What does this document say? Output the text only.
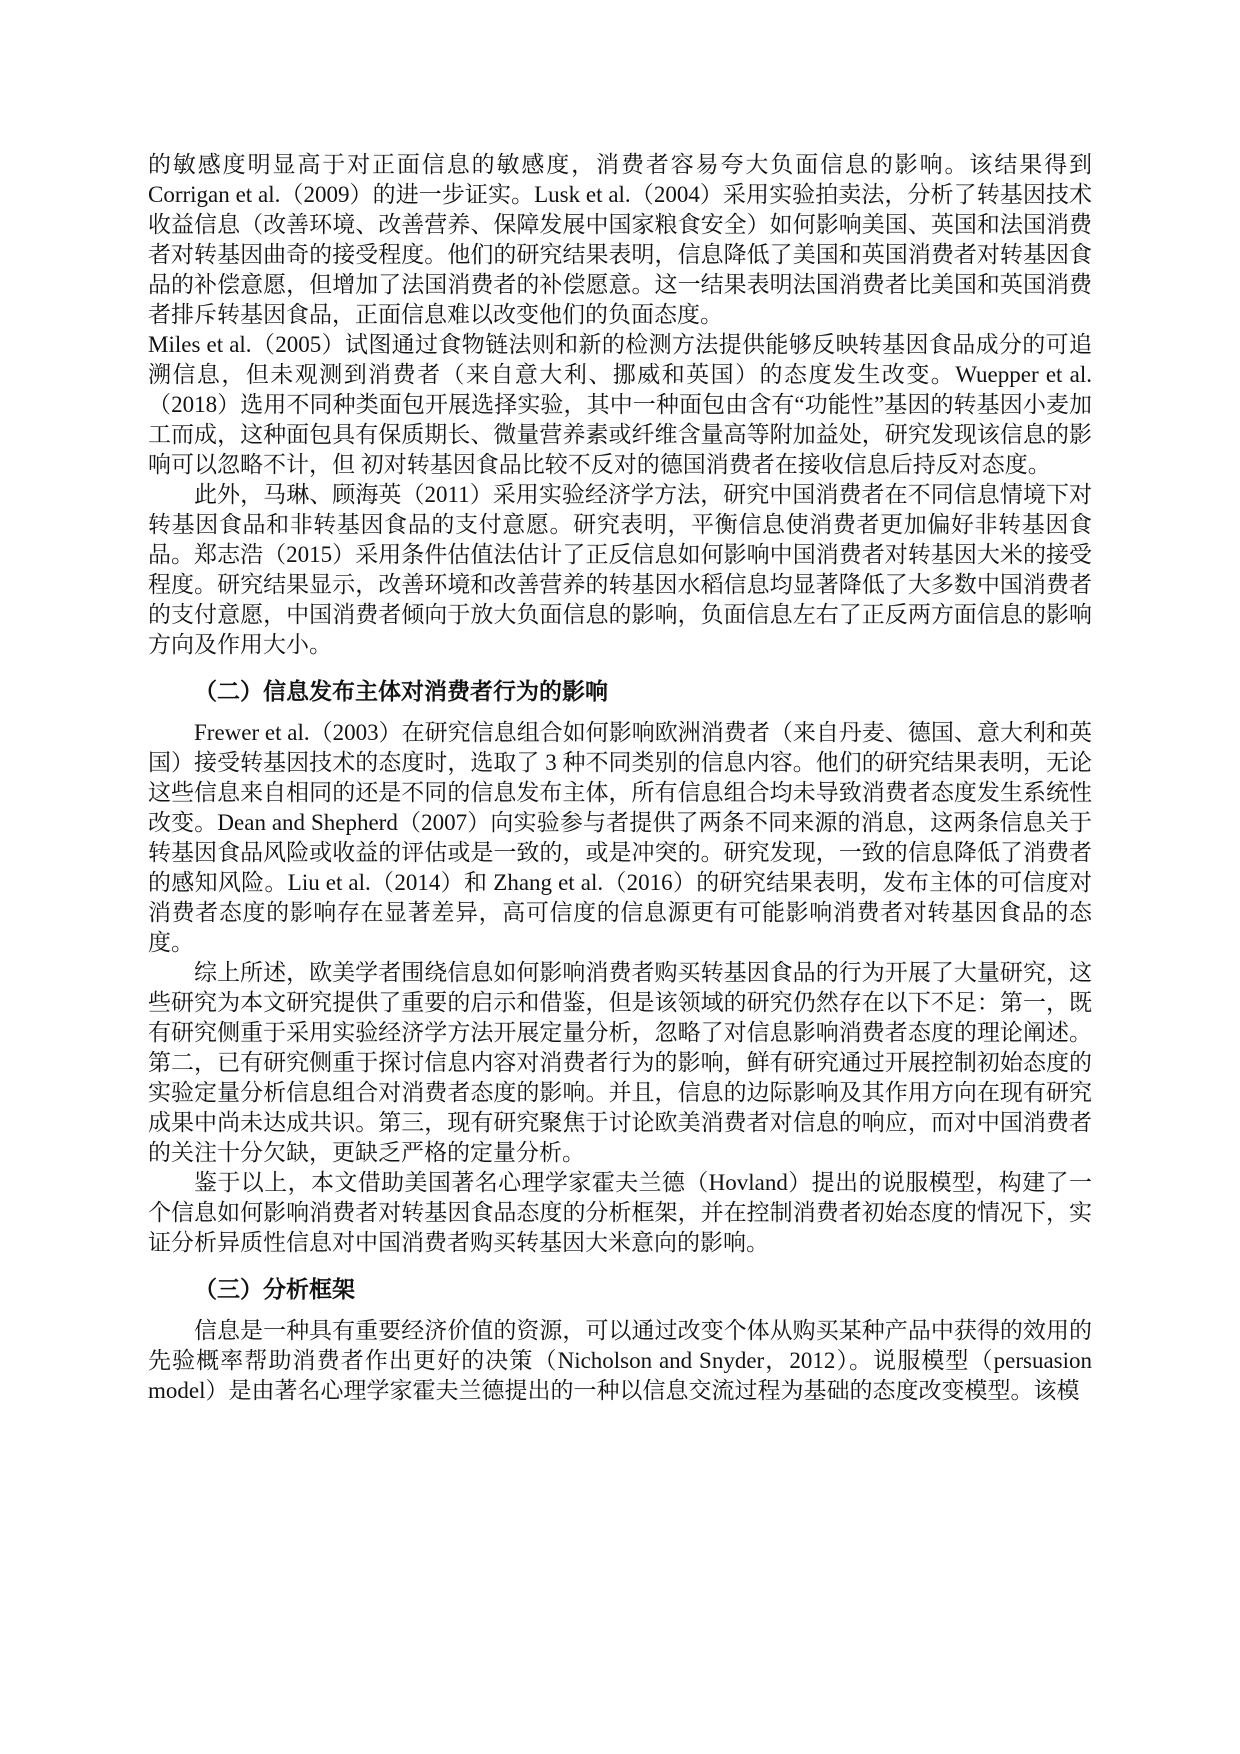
的敏感度明显高于对正面信息的敏感度，消费者容易夸大负面信息的影响。该结果得到 Corrigan et al.（2009）的进一步证实。Lusk et al.（2004）采用实验拍卖法，分析了转基因技术收益信息（改善环境、改善营养、保障发展中国家粮食安全）如何影响美国、英国和法国消费者对转基因曲奇的接受程度。他们的研究结果表明，信息降低了美国和英国消费者对转基因食品的补偿意愿，但增加了法国消费者的补偿愿意。这一结果表明法国消费者比美国和英国消费者排斥转基因食品，正面信息难以改变他们的负面态度。

Miles et al.（2005）试图通过食物链法则和新的检测方法提供能够反映转基因食品成分的可追溯信息，但未观测到消费者（来自意大利、挪威和英国）的态度发生改变。Wuepper et al.（2018）选用不同种类面包开展选择实验，其中一种面包由含有“功能性”基因的转基因小麦加工而成，这种面包具有保质期长、微量营养素或纤维含量高等附加益处，研究发现该信息的影响可以忽略不计，但 初对转基因食品比较不反对的德国消费者在接收信息后持反对态度。

此外，马琳、顾海英（2011）采用实验经济学方法，研究中国消费者在不同信息情境下对转基因食品和非转基因食品的支付意愿。研究表明，平衡信息使消费者更加偏好非转基因食品。郑志浩（2015）采用条件估值法估计了正反信息如何影响中国消费者对转基因大米的接受程度。研究结果显示，改善环境和改善营养的转基因水稻信息均显著降低了大多数中国消费者的支付意愿，中国消费者倾向于放大负面信息的影响，负面信息左右了正反两方面信息的影响方向及作用大小。

（二）信息发布主体对消费者行为的影响

Frewer et al.（2003）在研究信息组合如何影响欧洲消费者（来自丹麦、德国、意大利和英国）接受转基因技术的态度时，选取了 3 种不同类别的信息内容。他们的研究结果表明，无论这些信息来自相同的还是不同的信息发布主体，所有信息组合均未导致消费者态度发生系统性改变。Dean and Shepherd（2007）向实验参与者提供了两条不同来源的消息，这两条信息关于转基因食品风险或收益的评估或是一致的，或是冲突的。研究发现，一致的信息降低了消费者的感知风险。Liu et al.（2014）和 Zhang et al.（2016）的研究结果表明，发布主体的可信度对消费者态度的影响存在显著差异，高可信度的信息源更有可能影响消费者对转基因食品的态度。

综上所述，欧美学者围绕信息如何影响消费者购买转基因食品的行为开展了大量研究，这些研究为本文研究提供了重要的启示和借鉴，但是该领域的研究仍然存在以下不足：第一，既有研究侧重于采用实验经济学方法开展定量分析，忽略了对信息影响消费者态度的理论阐述。第二，已有研究侧重于探讨信息内容对消费者行为的影响，鲜有研究通过开展控制初始态度的实验定量分析信息组合对消费者态度的影响。并且，信息的边际影响及其作用方向在现有研究成果中尚未达成共识。第三，现有研究聚焦于讨论欧美消费者对信息的响应，而对中国消费者的关注十分欠缺，更缺乏严格的定量分析。

鉴于以上，本文借助美国著名心理学家霍夫兰德（Hovland）提出的说服模型，构建了一个信息如何影响消费者对转基因食品态度的分析框架，并在控制消费者初始态度的情况下，实证分析异质性信息对中国消费者购买转基因大米意向的影响。

（三）分析框架

信息是一种具有重要经济价值的资源，可以通过改变个体从购买某种产品中获得的效用的先验概率帮助消费者作出更好的决策（Nicholson and Snyder，2012）。说服模型（persuasion model）是由著名心理学家霍夫兰德提出的一种以信息交流过程为基础的态度改变模型。该模
